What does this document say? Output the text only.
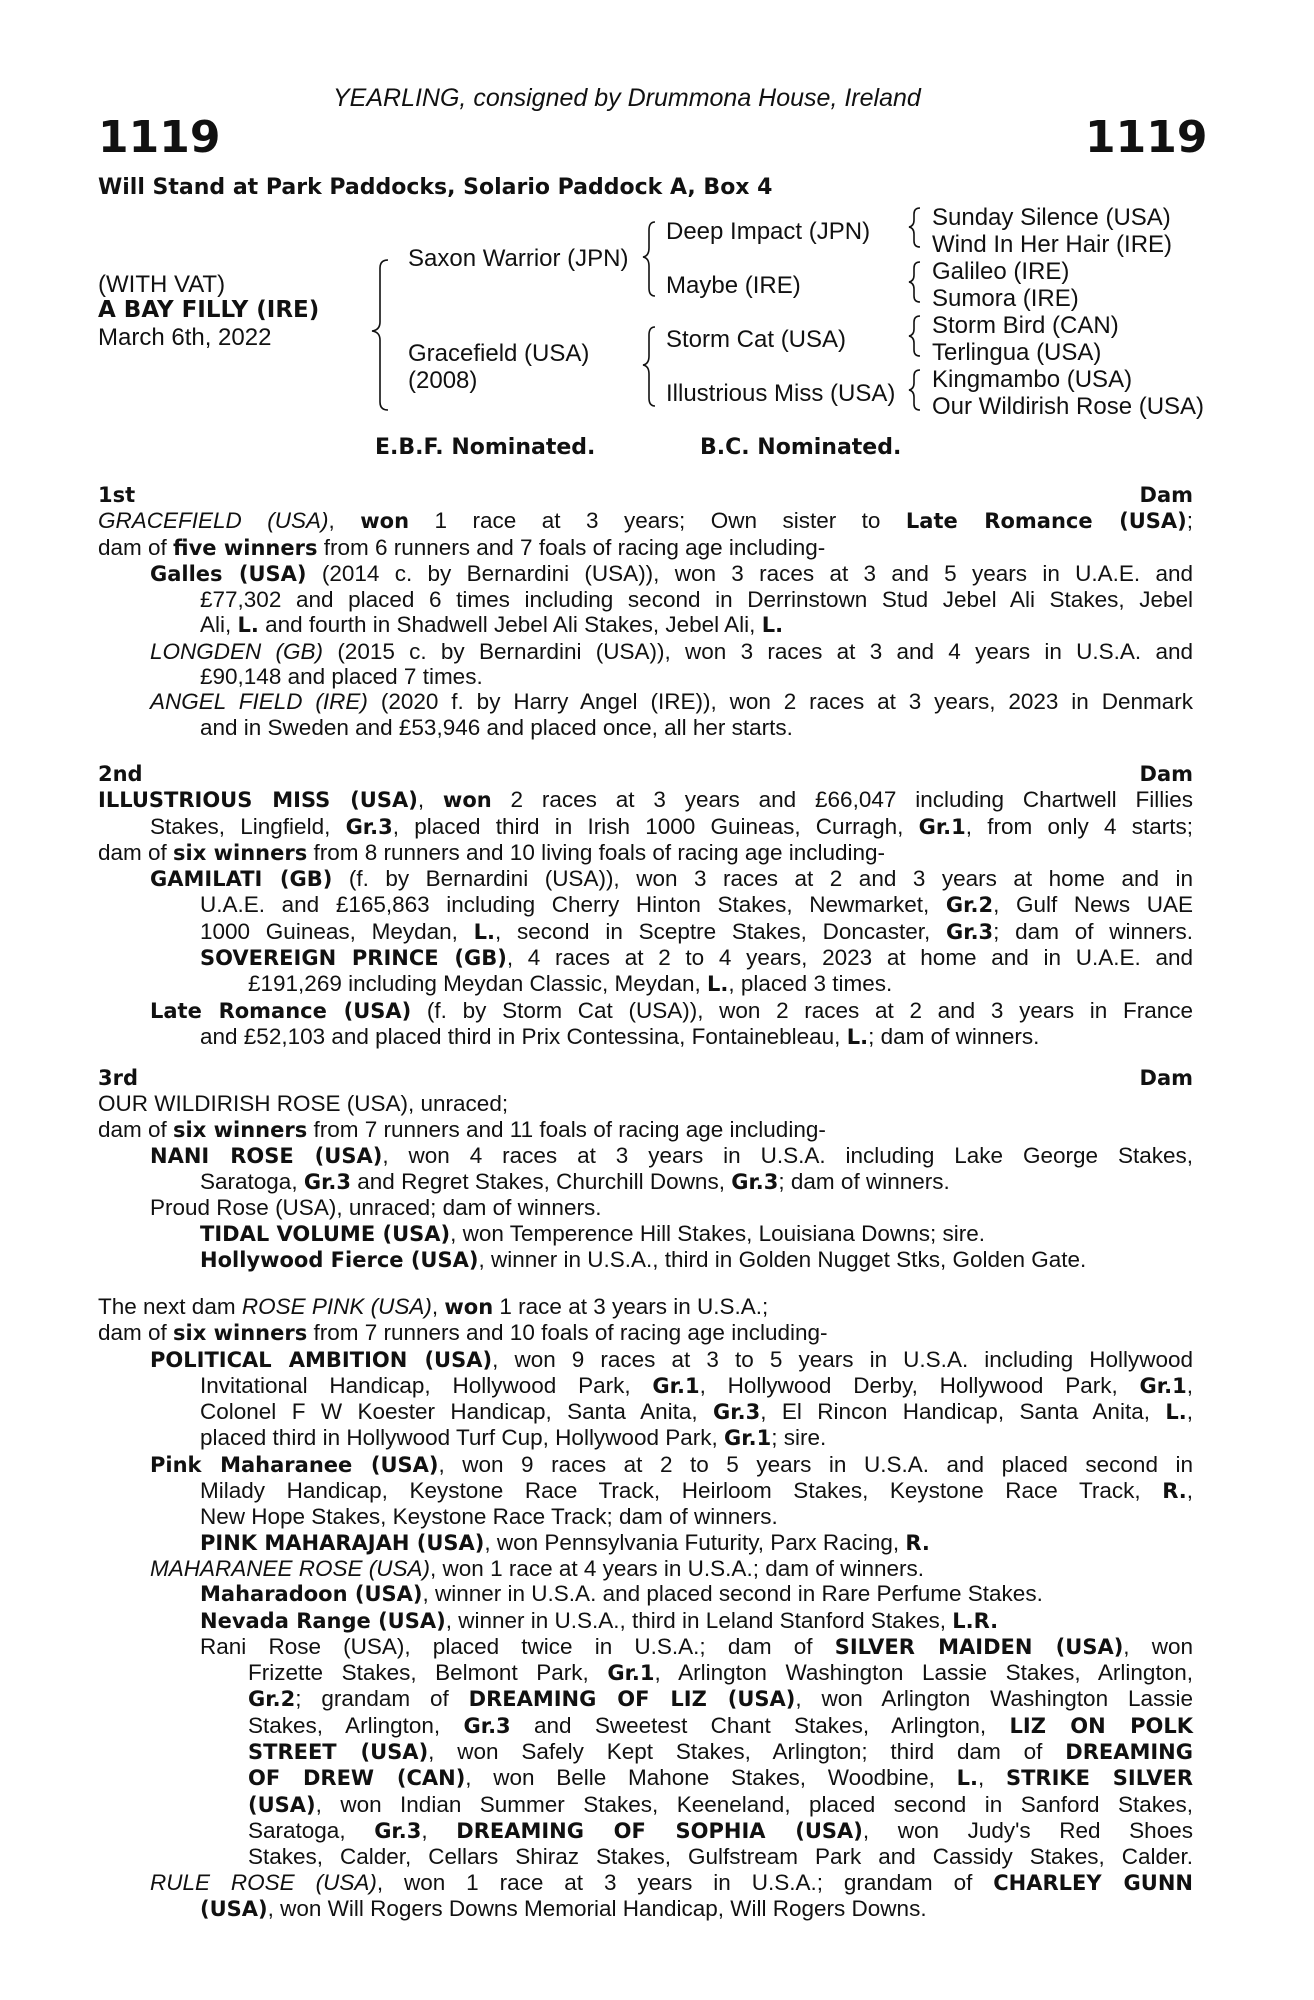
YEARLING, consigned by Drummona House, Ireland
1119	1119
Will Stand at Park Paddocks, Solario Paddock A, Box 4
(WITH VAT)
A BAY FILLY (IRE)
March 6th, 2022
Saxon Warrior (JPN)
Gracefield (USA)
(2008)
Deep Impact (JPN)
Maybe (IRE)
Storm Cat (USA)
Illustrious Miss (USA)
Sunday Silence (USA)
Wind In Her Hair (IRE)
Galileo (IRE)
Sumora (IRE)
Storm Bird (CAN)
Terlingua (USA)
Kingmambo (USA)
Our Wildirish Rose (USA)
E.B.F. Nominated.	B.C. Nominated.
1st Dam
GRACEFIELD (USA), won 1 race at 3 years; Own sister to Late Romance (USA);
dam of five winners from 6 runners and 7 foals of racing age including-
Galles (USA) (2014 c. by Bernardini (USA)), won 3 races at 3 and 5 years in U.A.E. and
£77,302 and placed 6 times including second in Derrinstown Stud Jebel Ali Stakes, Jebel
Ali, L. and fourth in Shadwell Jebel Ali Stakes, Jebel Ali, L.
LONGDEN (GB) (2015 c. by Bernardini (USA)), won 3 races at 3 and 4 years in U.S.A. and
£90,148 and placed 7 times.
ANGEL FIELD (IRE) (2020 f. by Harry Angel (IRE)), won 2 races at 3 years, 2023 in Denmark
and in Sweden and £53,946 and placed once, all her starts.
2nd Dam
ILLUSTRIOUS MISS (USA), won 2 races at 3 years and £66,047 including Chartwell Fillies
Stakes, Lingfield, Gr.3, placed third in Irish 1000 Guineas, Curragh, Gr.1, from only 4 starts;
dam of six winners from 8 runners and 10 living foals of racing age including-
GAMILATI (GB) (f. by Bernardini (USA)), won 3 races at 2 and 3 years at home and in
U.A.E. and £165,863 including Cherry Hinton Stakes, Newmarket, Gr.2, Gulf News UAE
1000 Guineas, Meydan, L., second in Sceptre Stakes, Doncaster, Gr.3; dam of winners.
SOVEREIGN PRINCE (GB), 4 races at 2 to 4 years, 2023 at home and in U.A.E. and
£191,269 including Meydan Classic, Meydan, L., placed 3 times.
Late Romance (USA) (f. by Storm Cat (USA)), won 2 races at 2 and 3 years in France
and £52,103 and placed third in Prix Contessina, Fontainebleau, L.; dam of winners.
3rd Dam
OUR WILDIRISH ROSE (USA), unraced;
dam of six winners from 7 runners and 11 foals of racing age including-
NANI ROSE (USA), won 4 races at 3 years in U.S.A. including Lake George Stakes,
Saratoga, Gr.3 and Regret Stakes, Churchill Downs, Gr.3; dam of winners.
Proud Rose (USA), unraced; dam of winners.
TIDAL VOLUME (USA), won Temperence Hill Stakes, Louisiana Downs; sire.
Hollywood Fierce (USA), winner in U.S.A., third in Golden Nugget Stks, Golden Gate.
The next dam ROSE PINK (USA), won 1 race at 3 years in U.S.A.;
dam of six winners from 7 runners and 10 foals of racing age including-
POLITICAL AMBITION (USA), won 9 races at 3 to 5 years in U.S.A. including Hollywood
Invitational Handicap, Hollywood Park, Gr.1, Hollywood Derby, Hollywood Park, Gr.1,
Colonel F W Koester Handicap, Santa Anita, Gr.3, El Rincon Handicap, Santa Anita, L.,
placed third in Hollywood Turf Cup, Hollywood Park, Gr.1; sire.
Pink Maharanee (USA), won 9 races at 2 to 5 years in U.S.A. and placed second in
Milady Handicap, Keystone Race Track, Heirloom Stakes, Keystone Race Track, R.,
New Hope Stakes, Keystone Race Track; dam of winners.
PINK MAHARAJAH (USA), won Pennsylvania Futurity, Parx Racing, R.
MAHARANEE ROSE (USA), won 1 race at 4 years in U.S.A.; dam of winners.
Maharadoon (USA), winner in U.S.A. and placed second in Rare Perfume Stakes.
Nevada Range (USA), winner in U.S.A., third in Leland Stanford Stakes, L.R.
Rani Rose (USA), placed twice in U.S.A.; dam of SILVER MAIDEN (USA), won
Frizette Stakes, Belmont Park, Gr.1, Arlington Washington Lassie Stakes, Arlington,
Gr.2; grandam of DREAMING OF LIZ (USA), won Arlington Washington Lassie
Stakes, Arlington, Gr.3 and Sweetest Chant Stakes, Arlington, LIZ ON POLK
STREET (USA), won Safely Kept Stakes, Arlington; third dam of DREAMING
OF DREW (CAN), won Belle Mahone Stakes, Woodbine, L., STRIKE SILVER
(USA), won Indian Summer Stakes, Keeneland, placed second in Sanford Stakes,
Saratoga, Gr.3, DREAMING OF SOPHIA (USA), won Judy's Red Shoes
Stakes, Calder, Cellars Shiraz Stakes, Gulfstream Park and Cassidy Stakes, Calder.
RULE ROSE (USA), won 1 race at 3 years in U.S.A.; grandam of CHARLEY GUNN
(USA), won Will Rogers Downs Memorial Handicap, Will Rogers Downs.
